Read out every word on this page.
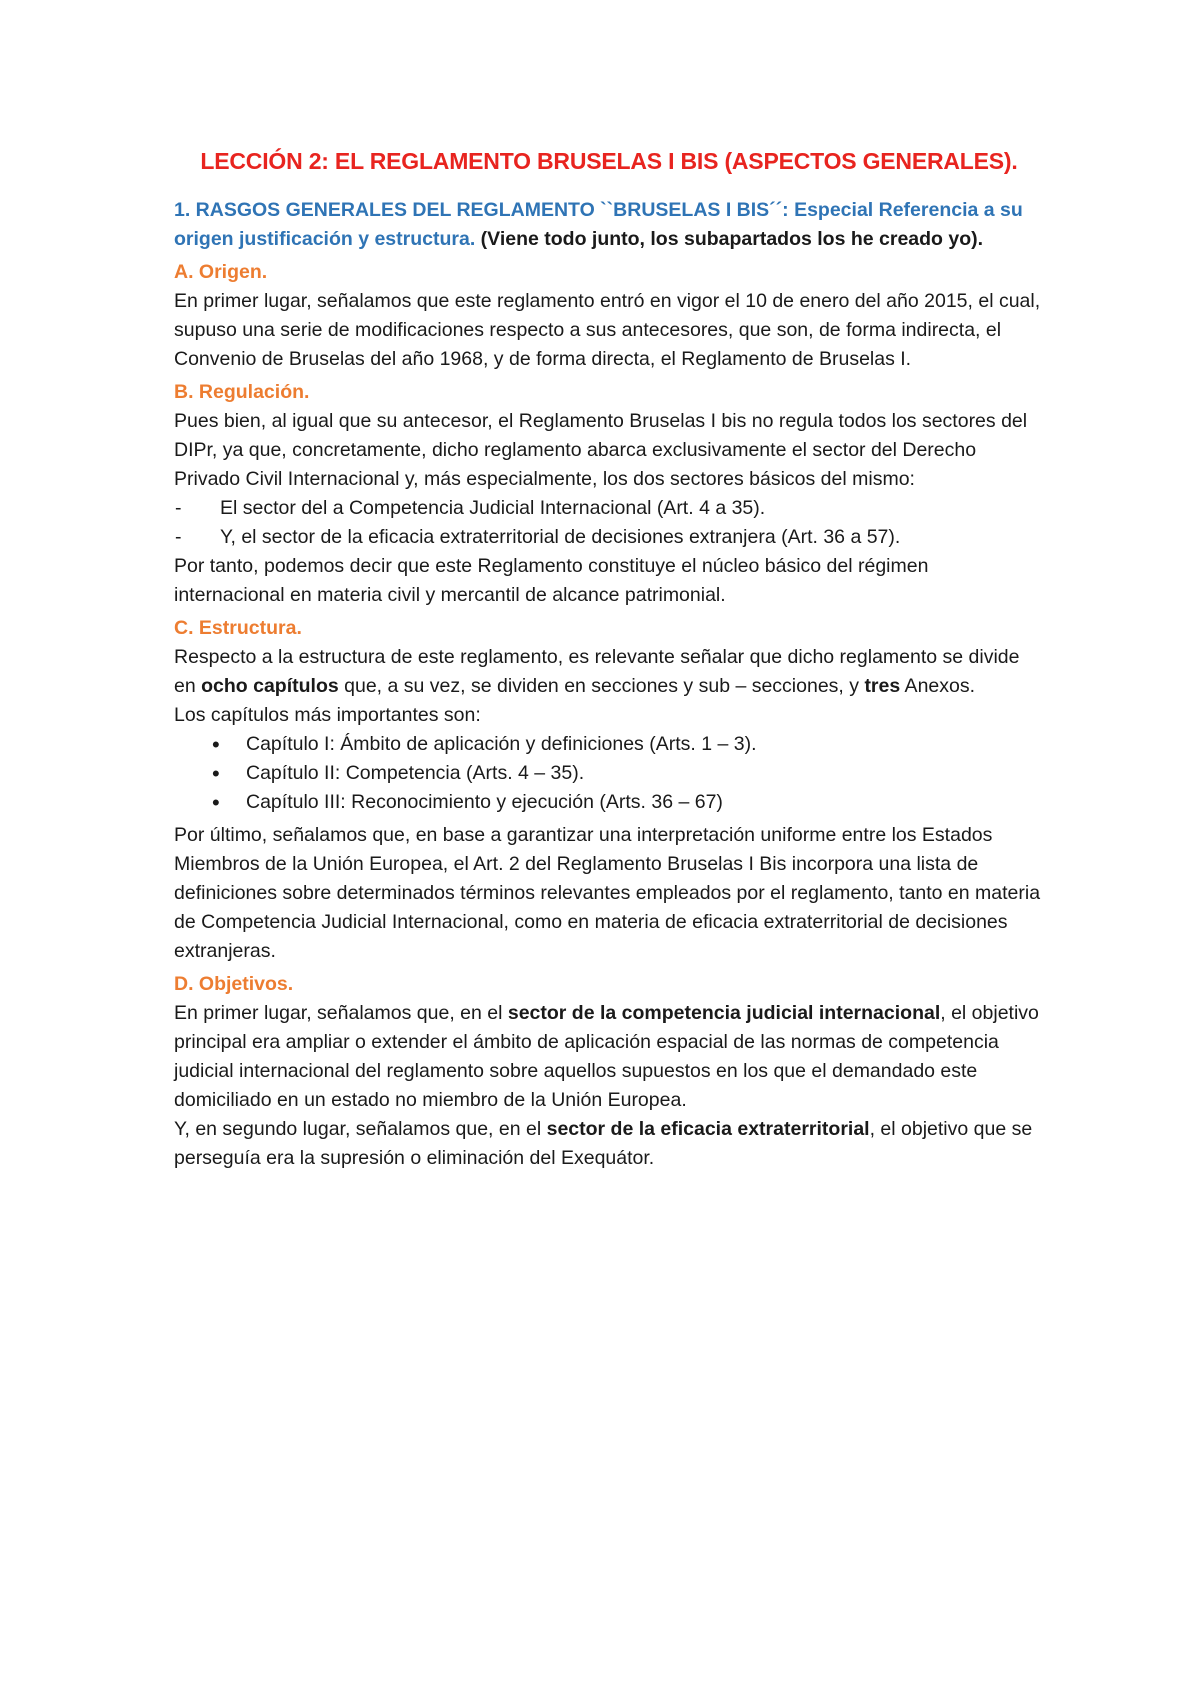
LECCIÓN 2: EL REGLAMENTO BRUSELAS I BIS (ASPECTOS GENERALES).

1. RASGOS GENERALES DEL REGLAMENTO ``BRUSELAS I BIS´´: Especial Referencia a su origen justificación y estructura. (Viene todo junto, los subapartados los he creado yo).

A. Origen.

En primer lugar, señalamos que este reglamento entró en vigor el 10 de enero del año 2015, el cual, supuso una serie de modificaciones respecto a sus antecesores, que son, de forma indirecta, el Convenio de Bruselas del año 1968, y de forma directa, el Reglamento de Bruselas I.

B. Regulación.

Pues bien, al igual que su antecesor, el Reglamento Bruselas I bis no regula todos los sectores del DIPr, ya que, concretamente, dicho reglamento abarca exclusivamente el sector del Derecho Privado Civil Internacional y, más especialmente, los dos sectores básicos del mismo:

- El sector del a Competencia Judicial Internacional (Art. 4 a 35).
- Y, el sector de la eficacia extraterritorial de decisiones extranjera (Art. 36 a 57).

Por tanto, podemos decir que este Reglamento constituye el núcleo básico del régimen internacional en materia civil y mercantil de alcance patrimonial.

C. Estructura.

Respecto a la estructura de este reglamento, es relevante señalar que dicho reglamento se divide en ocho capítulos que, a su vez, se dividen en secciones y sub – secciones, y tres Anexos.

Los capítulos más importantes son:

• Capítulo I: Ámbito de aplicación y definiciones (Arts. 1 – 3).
• Capítulo II: Competencia (Arts. 4 – 35).
• Capítulo III: Reconocimiento y ejecución (Arts. 36 – 67)

Por último, señalamos que, en base a garantizar una interpretación uniforme entre los Estados Miembros de la Unión Europea, el Art. 2 del Reglamento Bruselas I Bis incorpora una lista de definiciones sobre determinados términos relevantes empleados por el reglamento, tanto en materia de Competencia Judicial Internacional, como en materia de eficacia extraterritorial de decisiones extranjeras.

D. Objetivos.

En primer lugar, señalamos que, en el sector de la competencia judicial internacional, el objetivo principal era ampliar o extender el ámbito de aplicación espacial de las normas de competencia judicial internacional del reglamento sobre aquellos supuestos en los que el demandado este domiciliado en un estado no miembro de la Unión Europea.

Y, en segundo lugar, señalamos que, en el sector de la eficacia extraterritorial, el objetivo que se perseguía era la supresión o eliminación del Exequátor.
